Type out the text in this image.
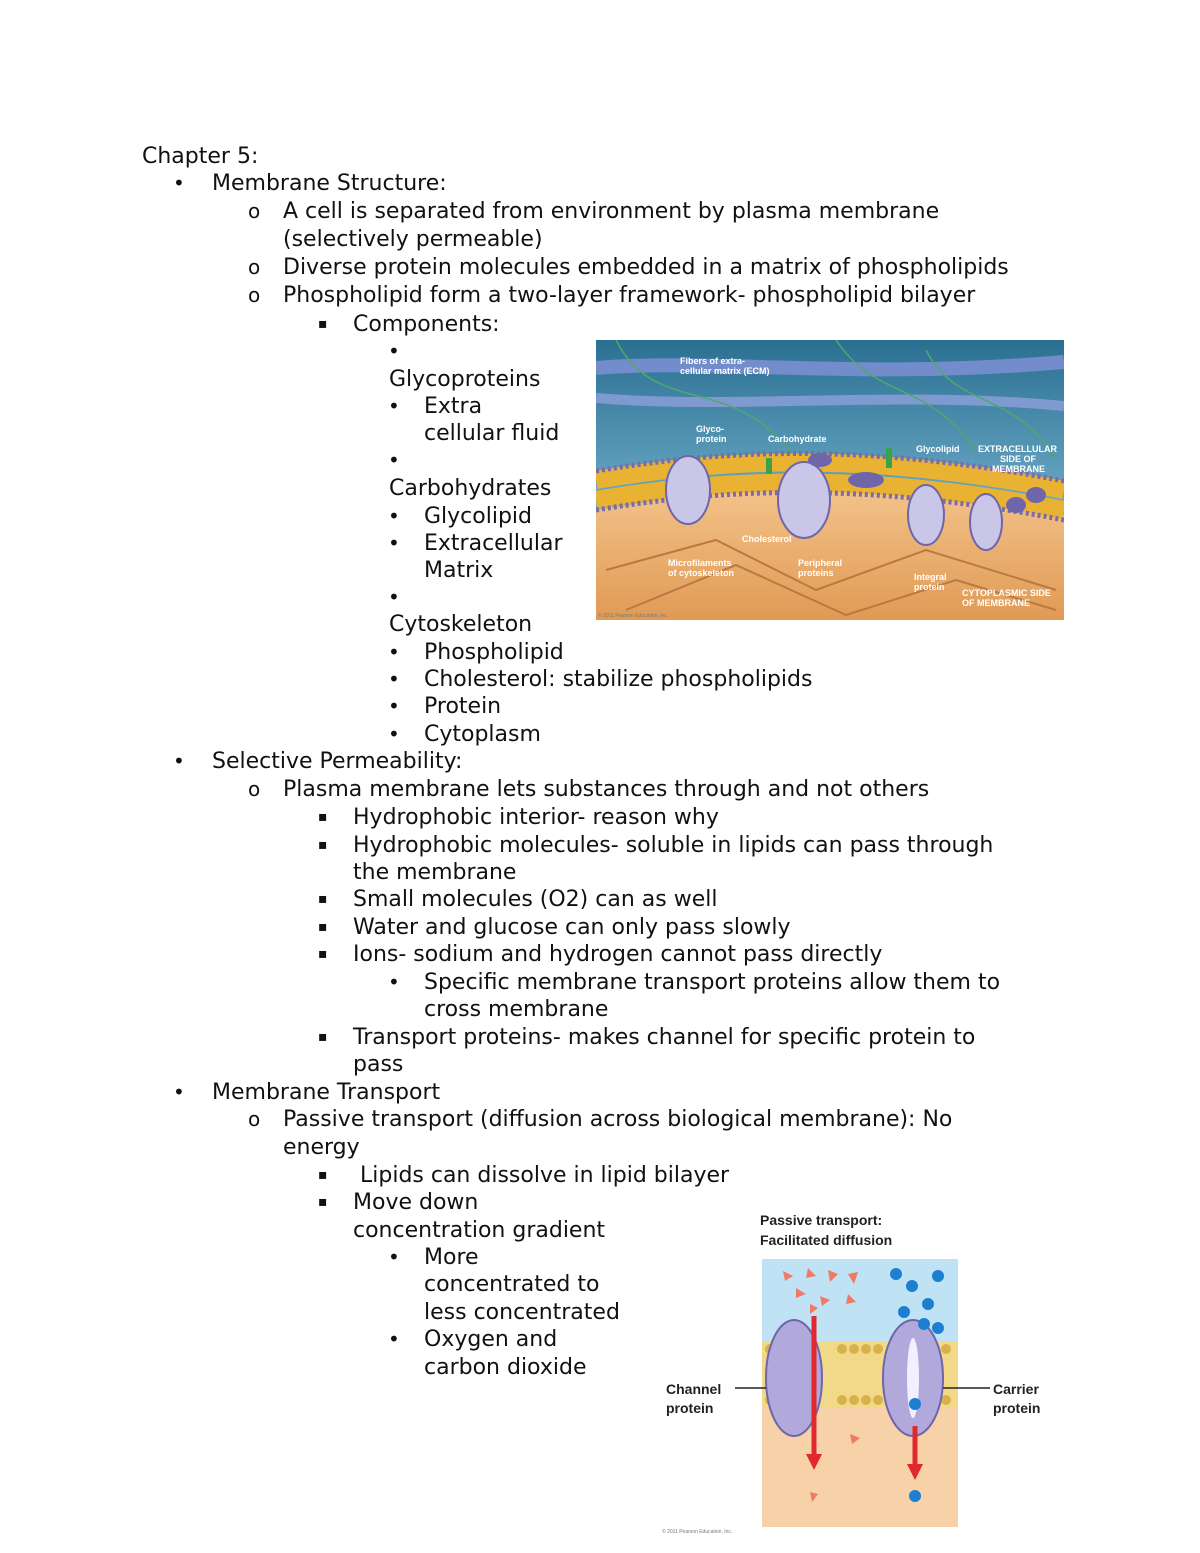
Chapter 5:
• Membrane Structure:
o A cell is separated from environment by plasma membrane
(selectively permeable)
o Diverse protein molecules embedded in a matrix of phospholipids
o Phospholipid form a two-layer framework- phospholipid bilayer
▪ Components:
•
Glycoproteins
• Extra
cellular fluid
•
Carbohydrates
• Glycolipid
• Extracellular
Matrix
•
Cytoskeleton
• Phospholipid
• Cholesterol: stabilize phospholipids
• Protein
• Cytoplasm
• Selective Permeability:
o Plasma membrane lets substances through and not others
▪ Hydrophobic interior- reason why
▪ Hydrophobic molecules- soluble in lipids can pass through
the membrane
▪ Small molecules (O2) can as well
▪ Water and glucose can only pass slowly
▪ Ions- sodium and hydrogen cannot pass directly
• Specific membrane transport proteins allow them to
cross membrane
▪ Transport proteins- makes channel for specific protein to
pass
• Membrane Transport
o Passive transport (diffusion across biological membrane): No
energy
▪ Lipids can dissolve in lipid bilayer
▪ Move down
concentration gradient
• More
concentrated to
less concentrated
• Oxygen and
carbon dioxide
Fibers of extra-
cellular matrix (ECM)
Glyco-
protein	Carbohydrate
Glycolipid EXTRACELLULAR
SIDE OF
MEMBRANE
Cholesterol
Microfilaments
of cytoskeleton
Peripheral
proteins	Integral
protein
CYTOPLASMIC SIDE
OF MEMBRANE
© 2011 Pearson Education, Inc.
Passive transport:
Facilitated diffusion
Channel
protein
Carrier
protein
© 2011 Pearson Education, Inc.
